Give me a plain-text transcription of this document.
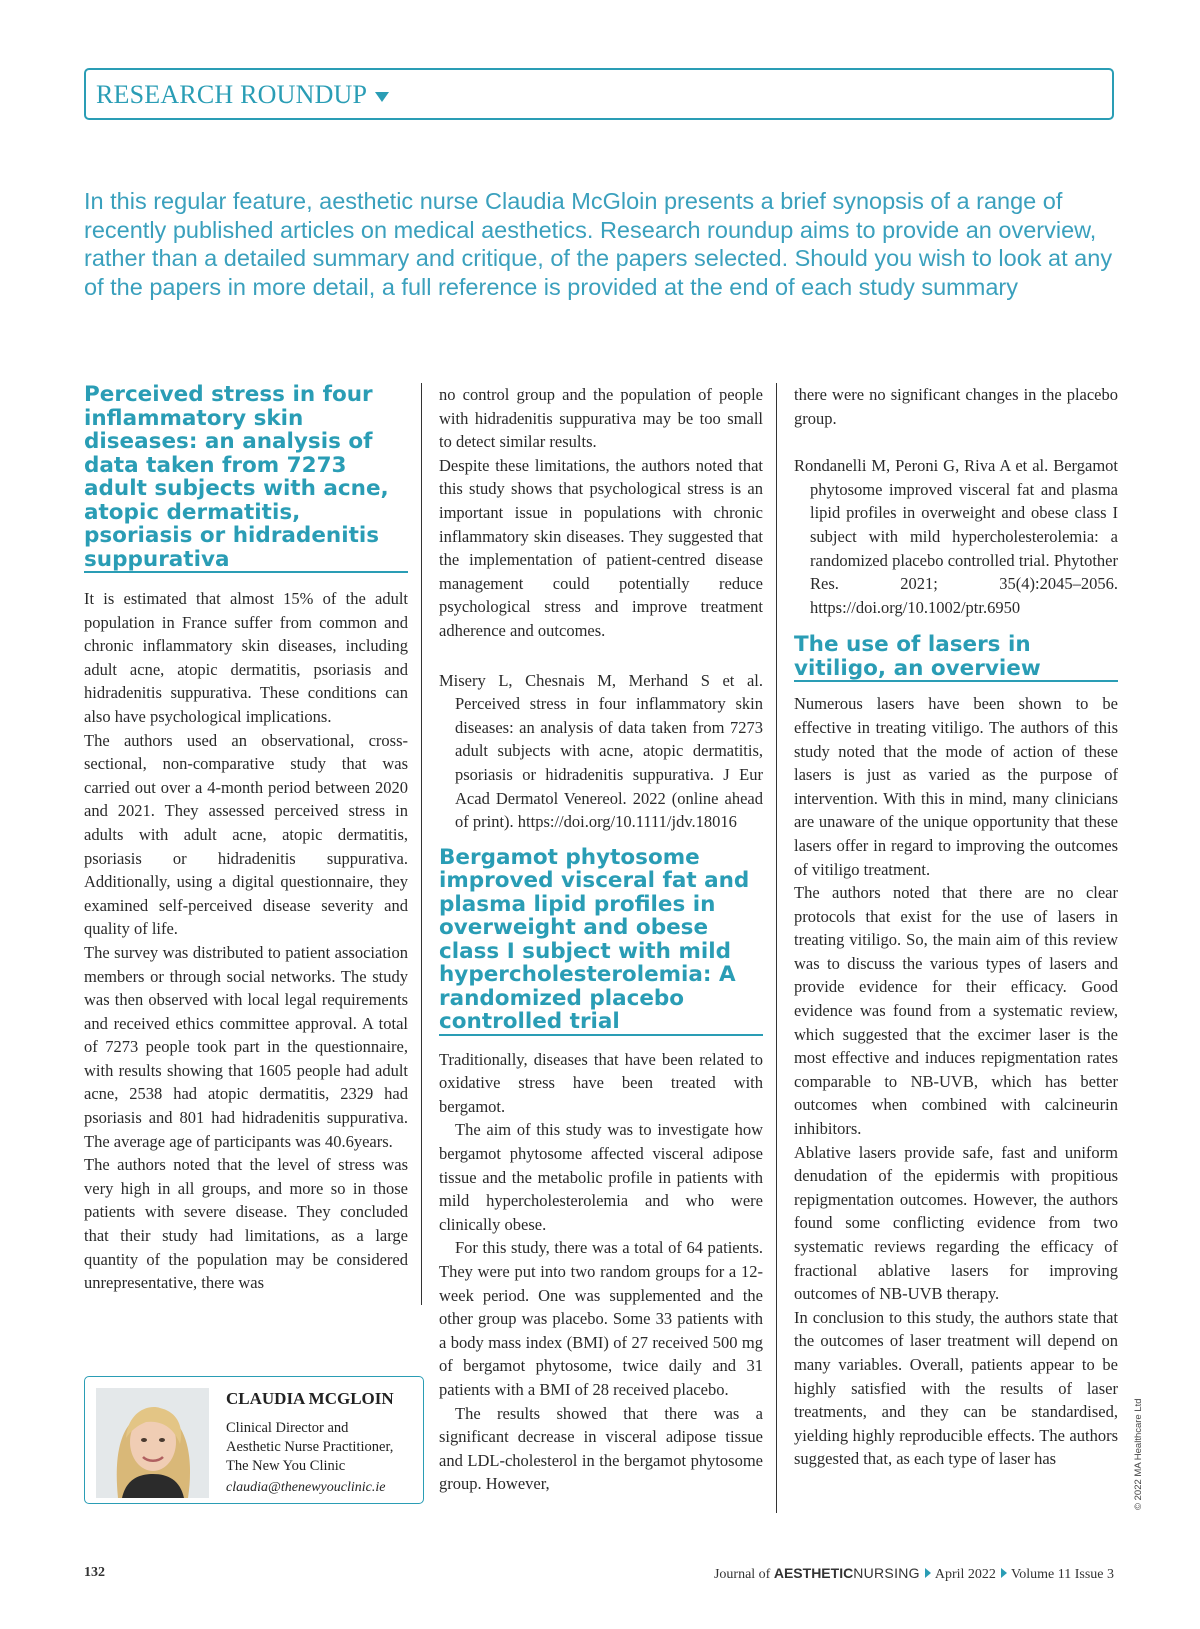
RESEARCH ROUNDUP
In this regular feature, aesthetic nurse Claudia McGloin presents a brief synopsis of a range of recently published articles on medical aesthetics. Research roundup aims to provide an overview, rather than a detailed summary and critique, of the papers selected. Should you wish to look at any of the papers in more detail, a full reference is provided at the end of each study summary
Perceived stress in four inflammatory skin diseases: an analysis of data taken from 7273 adult subjects with acne, atopic dermatitis, psoriasis or hidradenitis suppurativa

It is estimated that almost 15% of the adult population in France suffer from common and chronic inflammatory skin diseases, including adult acne, atopic dermatitis, psoriasis and hidradenitis suppurativa. These conditions can also have psychological implications.

The authors used an observational, cross-sectional, non-comparative study that was carried out over a 4-month period between 2020 and 2021. They assessed perceived stress in adults with adult acne, atopic dermatitis, psoriasis or hidradenitis suppurativa. Additionally, using a digital questionnaire, they examined self-perceived disease severity and quality of life.

The survey was distributed to patient association members or through social networks. The study was then observed with local legal requirements and received ethics committee approval. A total of 7273 people took part in the questionnaire, with results showing that 1605 people had adult acne, 2538 had atopic dermatitis, 2329 had psoriasis and 801 had hidradenitis suppurativa. The average age of participants was 40.6years.

The authors noted that the level of stress was very high in all groups, and more so in those patients with severe disease. They concluded that their study had limitations, as a large quantity of the population may be considered unrepresentative, there was

no control group and the population of people with hidradenitis suppurativa may be too small to detect similar results.

Despite these limitations, the authors noted that this study shows that psychological stress is an important issue in populations with chronic inflammatory skin diseases. They suggested that the implementation of patient-centred disease management could potentially reduce psychological stress and improve treatment adherence and outcomes.

Misery L, Chesnais M, Merhand S et al. Perceived stress in four inflammatory skin diseases: an analysis of data taken from 7273 adult subjects with acne, atopic dermatitis, psoriasis or hidradenitis suppurativa. J Eur Acad Dermatol Venereol. 2022 (online ahead of print). https://doi.org/10.1111/jdv.18016

Bergamot phytosome improved visceral fat and plasma lipid profiles in overweight and obese class I subject with mild hypercholesterolemia: A randomized placebo controlled trial

Traditionally, diseases that have been related to oxidative stress have been treated with bergamot.

The aim of this study was to investigate how bergamot phytosome affected visceral adipose tissue and the metabolic profile in patients with mild hypercholesterolemia and who were clinically obese.

For this study, there was a total of 64 patients. They were put into two random groups for a 12-week period. One was supplemented and the other group was placebo. Some 33 patients with a body mass index (BMI) of 27 received 500 mg of bergamot phytosome, twice daily and 31 patients with a BMI of 28 received placebo.

The results showed that there was a significant decrease in visceral adipose tissue and LDL-cholesterol in the bergamot phytosome group. However,

there were no significant changes in the placebo group.

Rondanelli M, Peroni G, Riva A et al. Bergamot phytosome improved visceral fat and plasma lipid profiles in overweight and obese class I subject with mild hypercholesterolemia: a randomized placebo controlled trial. Phytother Res. 2021; 35(4):2045–2056. https://doi.org/10.1002/ptr.6950

The use of lasers in vitiligo, an overview

Numerous lasers have been shown to be effective in treating vitiligo. The authors of this study noted that the mode of action of these lasers is just as varied as the purpose of intervention. With this in mind, many clinicians are unaware of the unique opportunity that these lasers offer in regard to improving the outcomes of vitiligo treatment.

The authors noted that there are no clear protocols that exist for the use of lasers in treating vitiligo. So, the main aim of this review was to discuss the various types of lasers and provide evidence for their efficacy. Good evidence was found from a systematic review, which suggested that the excimer laser is the most effective and induces repigmentation rates comparable to NB-UVB, which has better outcomes when combined with calcineurin inhibitors.

Ablative lasers provide safe, fast and uniform denudation of the epidermis with propitious repigmentation outcomes. However, the authors found some conflicting evidence from two systematic reviews regarding the efficacy of fractional ablative lasers for improving outcomes of NB-UVB therapy.

In conclusion to this study, the authors state that the outcomes of laser treatment will depend on many variables. Overall, patients appear to be highly satisfied with the results of laser treatments, and they can be standardised, yielding highly reproducible effects. The authors suggested that, as each type of laser has

CLAUDIA MCGLOIN
Clinical Director and
Aesthetic Nurse Practitioner,
The New You Clinic
claudia@thenewyouclinic.ie	© 2022 MA Healthcare Ltd
132	Journal of AESTHETICNURSING April 2022 Volume 11 Issue 3
